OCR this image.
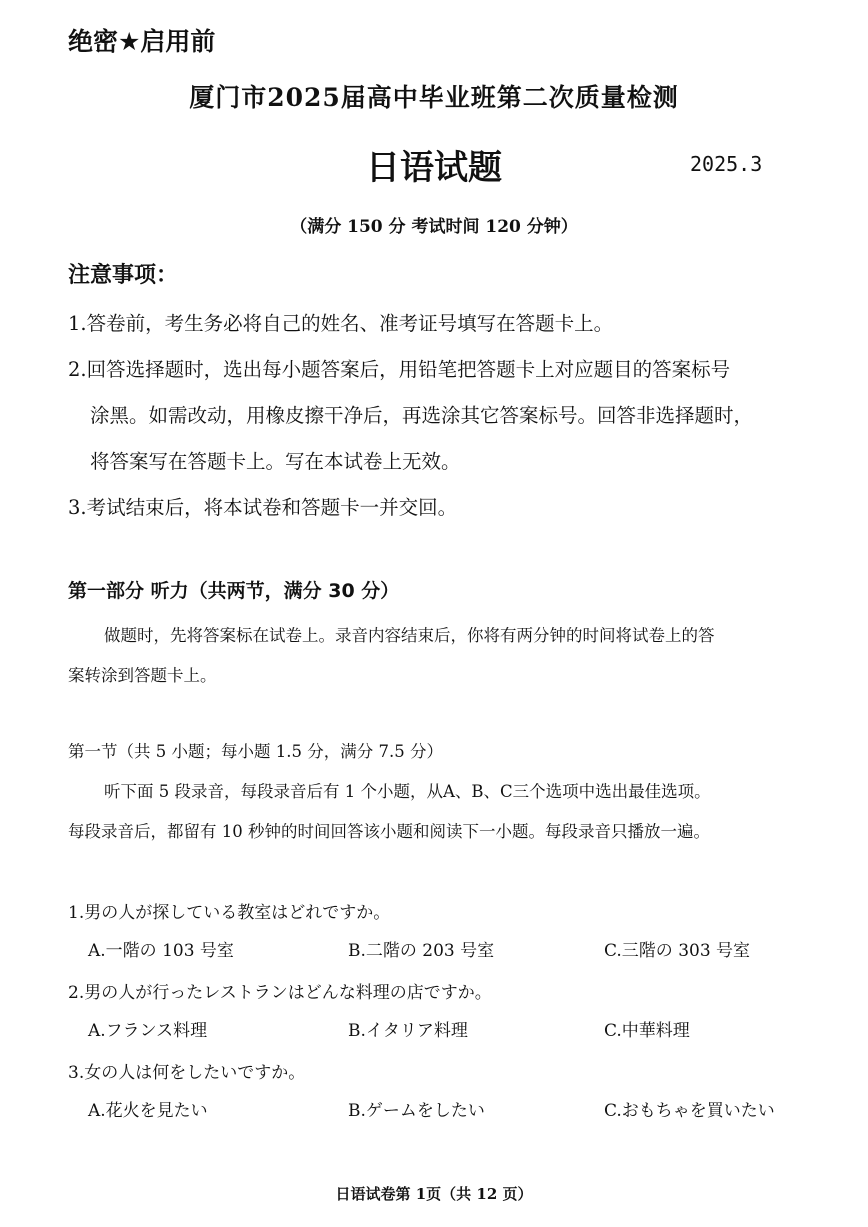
绝密★启用前
厦门市2025届高中毕业班第二次质量检测
日语试题	2025.3
（满分 150 分 考试时间 120 分钟）
注意事项：
1.答卷前，考生务必将自己的姓名、准考证号填写在答题卡上。
2.回答选择题时，选出每小题答案后，用铅笔把答题卡上对应题目的答案标号
涂黑。如需改动，用橡皮擦干净后，再选涂其它答案标号。回答非选择题时，
将答案写在答题卡上。写在本试卷上无效。
3.考试结束后，将本试卷和答题卡一并交回。
第一部分 听力（共两节，满分 30 分）
做题时，先将答案标在试卷上。录音内容结束后，你将有两分钟的时间将试卷上的答
案转涂到答题卡上。
第一节（共 5 小题；每小题 1.5 分，满分 7.5 分）
听下面 5 段录音，每段录音后有 1 个小题，从A、B、C三个选项中选出最佳选项。
每段录音后，都留有 10 秒钟的时间回答该小题和阅读下一小题。每段录音只播放一遍。
1.男の人が探している教室はどれですか。
A.一階の 103 号室	B.二階の 203 号室	C.三階の 303 号室
2.男の人が行ったレストランはどんな料理の店ですか。
A.フランス料理	B.イタリア料理	C.中華料理
3.女の人は何をしたいですか。
A.花火を見たい	B.ゲームをしたい	C.おもちゃを買いたい
日语试卷第 1页（共 12 页）
